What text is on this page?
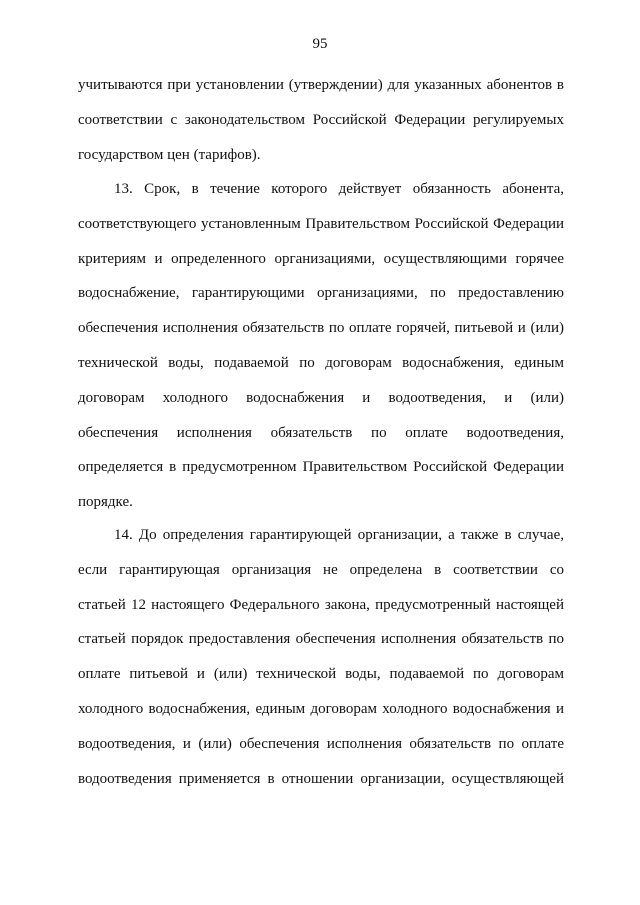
95
учитываются при установлении (утверждении) для указанных абонентов в
соответствии с законодательством Российской Федерации регулируемых
государством цен (тарифов).
13. Срок, в течение которого действует обязанность абонента,
соответствующего установленным Правительством Российской Федерации
критериям и определенного организациями, осуществляющими горячее
водоснабжение, гарантирующими организациями, по предоставлению
обеспечения исполнения обязательств по оплате горячей, питьевой и (или)
технической воды, подаваемой по договорам водоснабжения, единым
договорам холодного водоснабжения и водоотведения, и (или)
обеспечения исполнения обязательств по оплате водоотведения,
определяется в предусмотренном Правительством Российской Федерации
порядке.
14. До определения гарантирующей организации, а также в случае,
если гарантирующая организация не определена в соответствии со
статьей 12 настоящего Федерального закона, предусмотренный настоящей
статьей порядок предоставления обеспечения исполнения обязательств по
оплате питьевой и (или) технической воды, подаваемой по договорам
холодного водоснабжения, единым договорам холодного водоснабжения и
водоотведения, и (или) обеспечения исполнения обязательств по оплате
водоотведения применяется в отношении организации, осуществляющей
